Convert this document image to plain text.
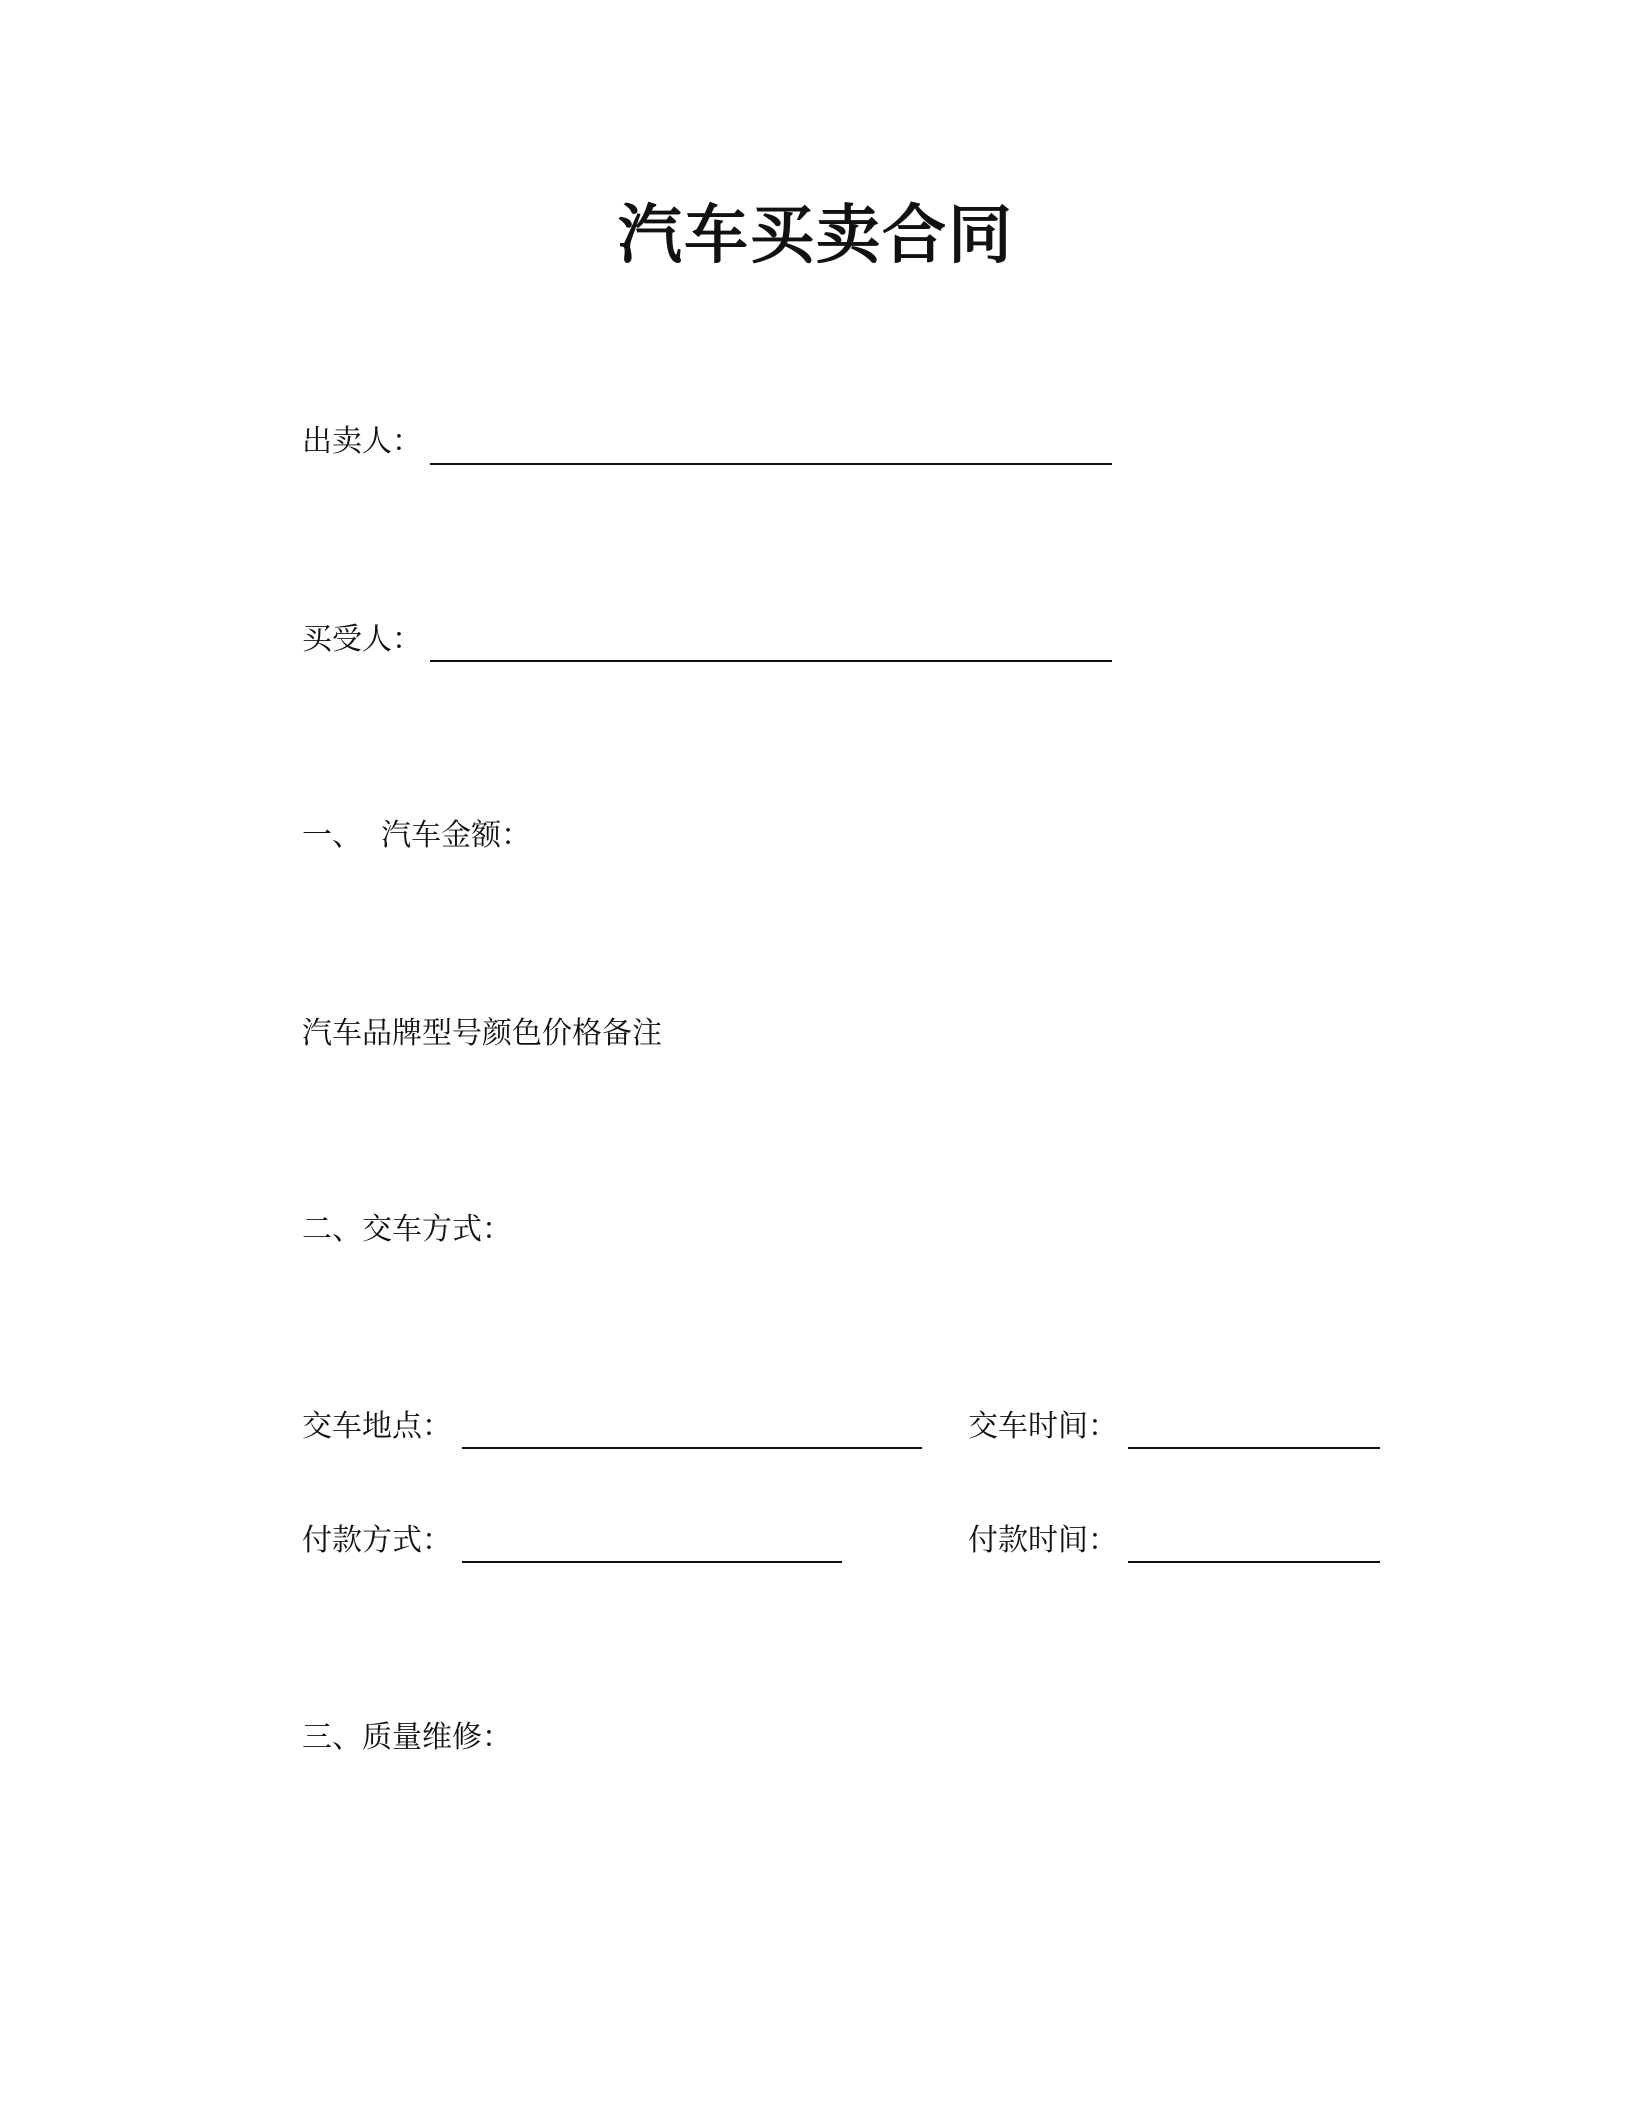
汽车买卖合同
出卖人：
买受人：
一、  汽车金额：
汽车品牌型号颜色价格备注
二、交车方式：
交车地点：	交车时间：
付款方式：	付款时间：
三、质量维修：
